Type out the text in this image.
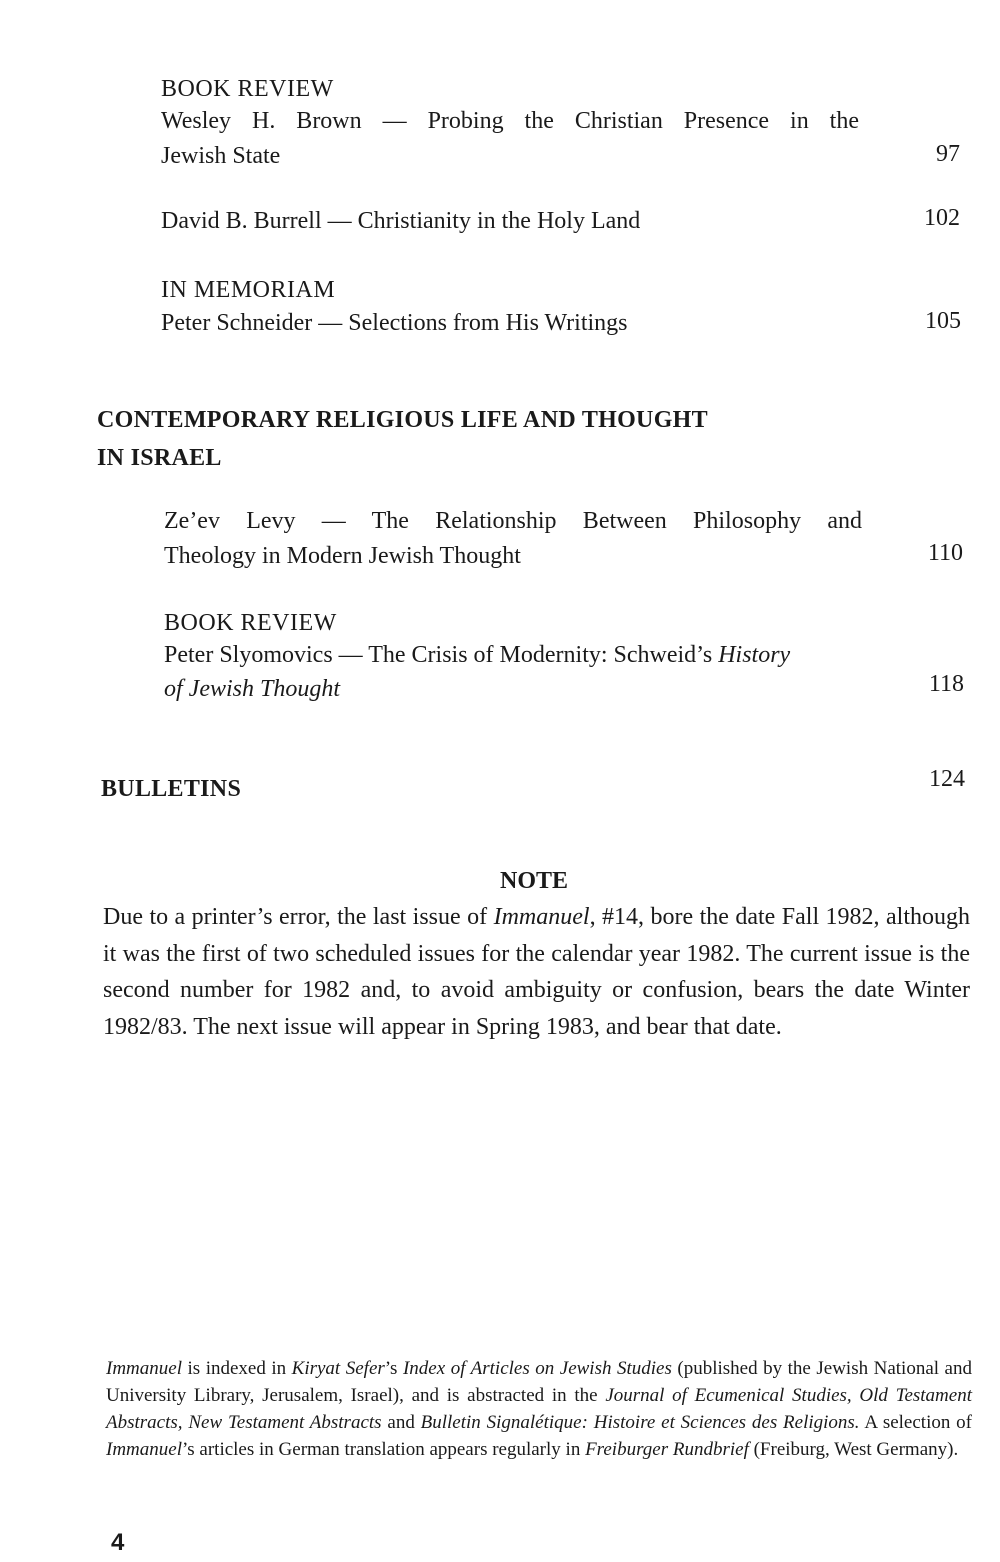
BOOK REVIEW
Wesley H. Brown — Probing the Christian Presence in the
Jewish State	97
David B. Burrell — Christianity in the Holy Land	102
IN MEMORIAM
Peter Schneider — Selections from His Writings	105
CONTEMPORARY RELIGIOUS LIFE AND THOUGHT
IN ISRAEL
Ze’ev Levy — The Relationship Between Philosophy and
Theology in Modern Jewish Thought	110
BOOK REVIEW
Peter Slyomovics — The Crisis of Modernity: Schweid’s History
of Jewish Thought	118
BULLETINS	124
NOTE
Due to a printer’s error, the last issue of Immanuel, #14, bore the date Fall 1982, although it was the first of two scheduled issues for the calendar year 1982. The current issue is the second number for 1982 and, to avoid ambiguity or confusion, bears the date Winter 1982/83. The next issue will appear in Spring 1983, and bear that date.
Immanuel is indexed in Kiryat Sefer’s Index of Articles on Jewish Studies (published by the Jewish National and University Library, Jerusalem, Israel), and is abstracted in the Journal of Ecumenical Studies, Old Testament Abstracts, New Testament Abstracts and Bulletin Signalétique: Histoire et Sciences des Religions. A selection of Immanuel’s articles in German translation appears regularly in Freiburger Rundbrief (Freiburg, West Germany).
4
